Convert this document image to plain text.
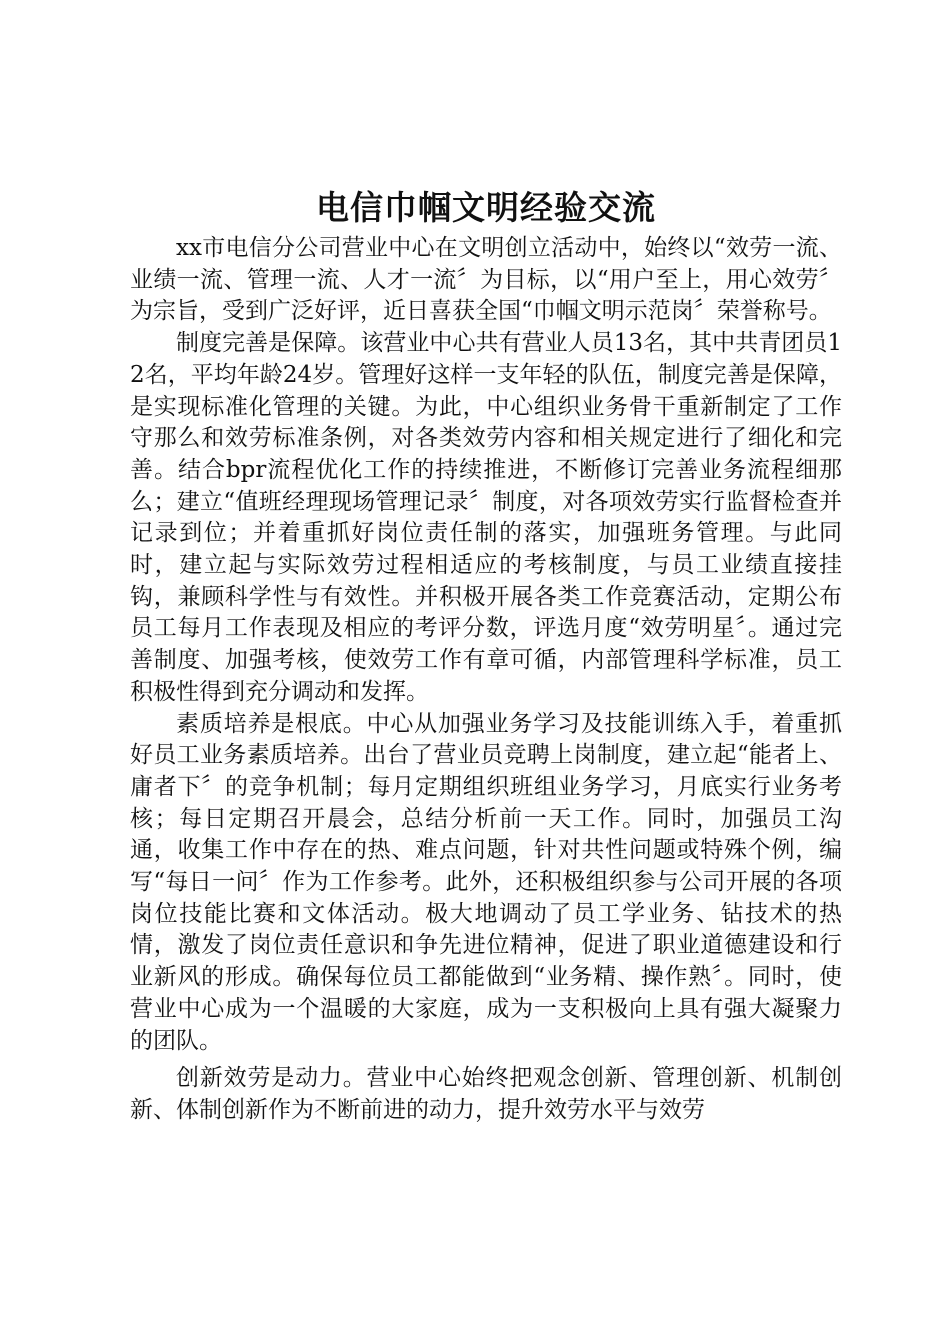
电信巾帼文明经验交流

xx市电信分公司营业中心在文明创立活动中，始终以“效劳一流、业绩一流、管理一流、人才一流〞为目标，以“用户至上，用心效劳〞为宗旨，受到广泛好评，近日喜获全国“巾帼文明示范岗〞荣誉称号。

制度完善是保障。该营业中心共有营业人员13名，其中共青团员12名，平均年龄24岁。管理好这样一支年轻的队伍，制度完善是保障，是实现标准化管理的关键。为此，中心组织业务骨干重新制定了工作守那么和效劳标准条例，对各类效劳内容和相关规定进行了细化和完善。结合bpr流程优化工作的持续推进，不断修订完善业务流程细那么；建立“值班经理现场管理记录〞制度，对各项效劳实行监督检查并记录到位；并着重抓好岗位责任制的落实，加强班务管理。与此同时，建立起与实际效劳过程相适应的考核制度，与员工业绩直接挂钩，兼顾科学性与有效性。并积极开展各类工作竞赛活动，定期公布员工每月工作表现及相应的考评分数，评选月度“效劳明星〞。通过完善制度、加强考核，使效劳工作有章可循，内部管理科学标准，员工积极性得到充分调动和发挥。

素质培养是根底。中心从加强业务学习及技能训练入手，着重抓好员工业务素质培养。出台了营业员竞聘上岗制度，建立起“能者上、庸者下〞的竞争机制；每月定期组织班组业务学习，月底实行业务考核；每日定期召开晨会，总结分析前一天工作。同时，加强员工沟通，收集工作中存在的热、难点问题，针对共性问题或特殊个例，编写“每日一问〞作为工作参考。此外，还积极组织参与公司开展的各项岗位技能比赛和文体活动。极大地调动了员工学业务、钻技术的热情，激发了岗位责任意识和争先进位精神，促进了职业道德建设和行业新风的形成。确保每位员工都能做到“业务精、操作熟〞。同时，使营业中心成为一个温暖的大家庭，成为一支积极向上具有强大凝聚力的团队。

创新效劳是动力。营业中心始终把观念创新、管理创新、机制创新、体制创新作为不断前进的动力，提升效劳水平与效劳
